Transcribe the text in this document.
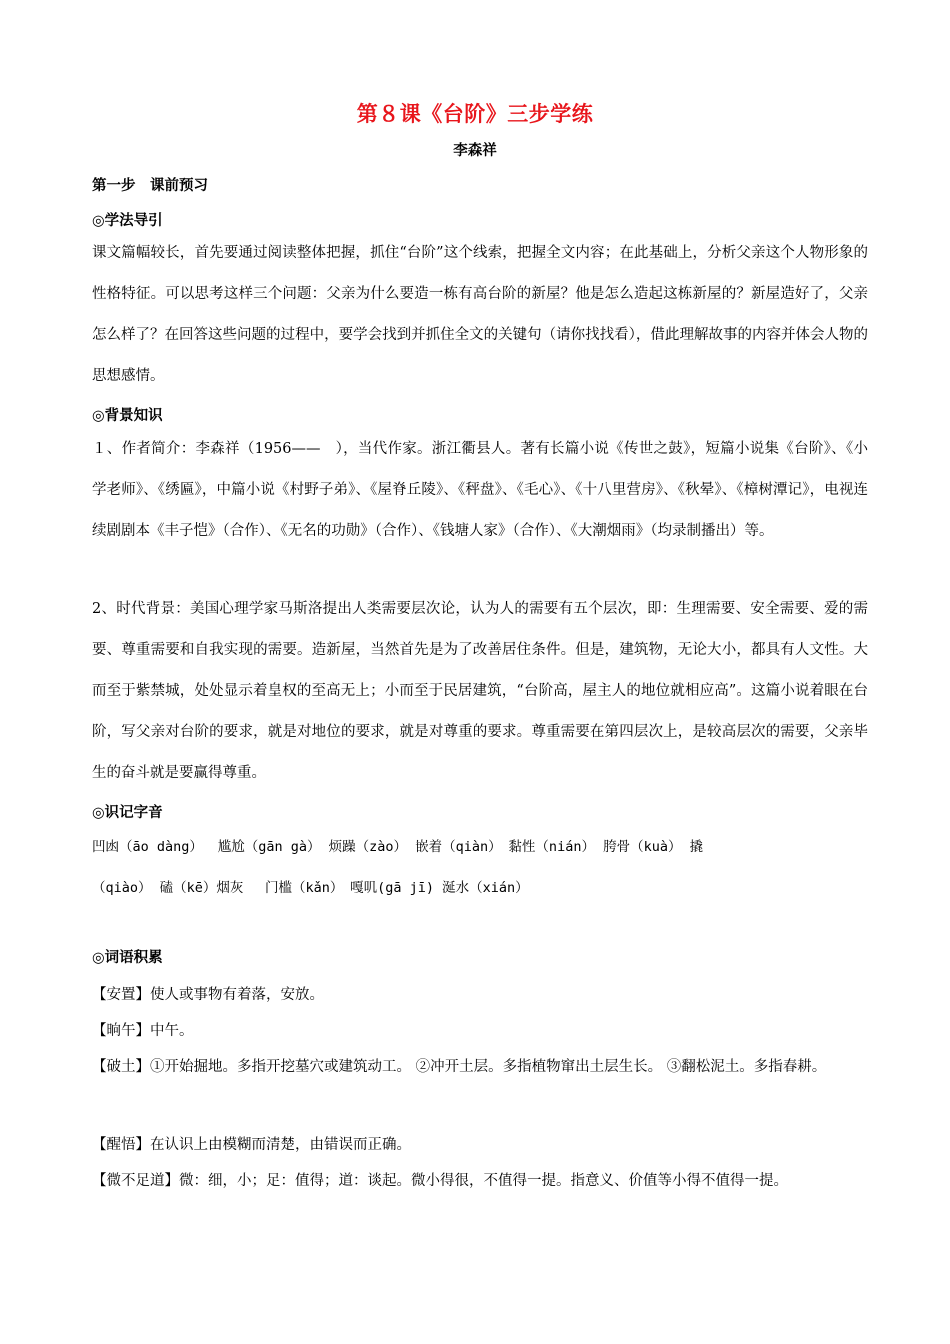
第８课《台阶》三步学练
李森祥
第一步　课前预习
◎学法导引
课文篇幅较长，首先要通过阅读整体把握，抓住“台阶”这个线索，把握全文内容；在此基础上，分析父亲这个人物形象的性格特征。可以思考这样三个问题：父亲为什么要造一栋有高台阶的新屋？他是怎么造起这栋新屋的？新屋造好了，父亲怎么样了？在回答这些问题的过程中，要学会找到并抓住全文的关键句（请你找找看），借此理解故事的内容并体会人物的思想感情。
◎背景知识
１、作者简介：李森祥（1956——　），当代作家。浙江衢县人。著有长篇小说《传世之鼓》，短篇小说集《台阶》、《小学老师》、《绣匾》，中篇小说《村野子弟》、《屋脊丘陵》、《秤盘》、《毛心》、《十八里营房》、《秋晕》、《樟树潭记》，电视连续剧剧本《丰子恺》（合作）、《无名的功勋》（合作）、《钱塘人家》（合作）、《大潮烟雨》（均录制播出）等。
2、时代背景：美国心理学家马斯洛提出人类需要层次论，认为人的需要有五个层次，即：生理需要、安全需要、爱的需要、尊重需要和自我实现的需要。造新屋，当然首先是为了改善居住条件。但是，建筑物，无论大小，都具有人文性。大而至于紫禁城，处处显示着皇权的至高无上；小而至于民居建筑，“台阶高，屋主人的地位就相应高”。这篇小说着眼在台阶，写父亲对台阶的要求，就是对地位的要求，就是对尊重的要求。尊重需要在第四层次上，是较高层次的需要，父亲毕生的奋斗就是要赢得尊重。
◎识记字音
凹凼（āo dàng）　 尴尬（gān gà） 烦躁（zào） 嵌着（qiàn）　黏性（nián） 胯骨（kuà） 撬
（qiào） 磕（kē）烟灰　 门槛（kǎn）　嘎叽(gā jī) 涎水（xián）
◎词语积累
【安置】使人或事物有着落，安放。
【晌午】中午。
【破土】①开始掘地。多指开挖墓穴或建筑动工。 ②冲开土层。多指植物窜出土层生长。 ③翻松泥土。多指春耕。
【醒悟】在认识上由模糊而清楚，由错误而正确。
【微不足道】微：细，小；足：值得；道：谈起。微小得很，不值得一提。指意义、价值等小得不值得一提。
